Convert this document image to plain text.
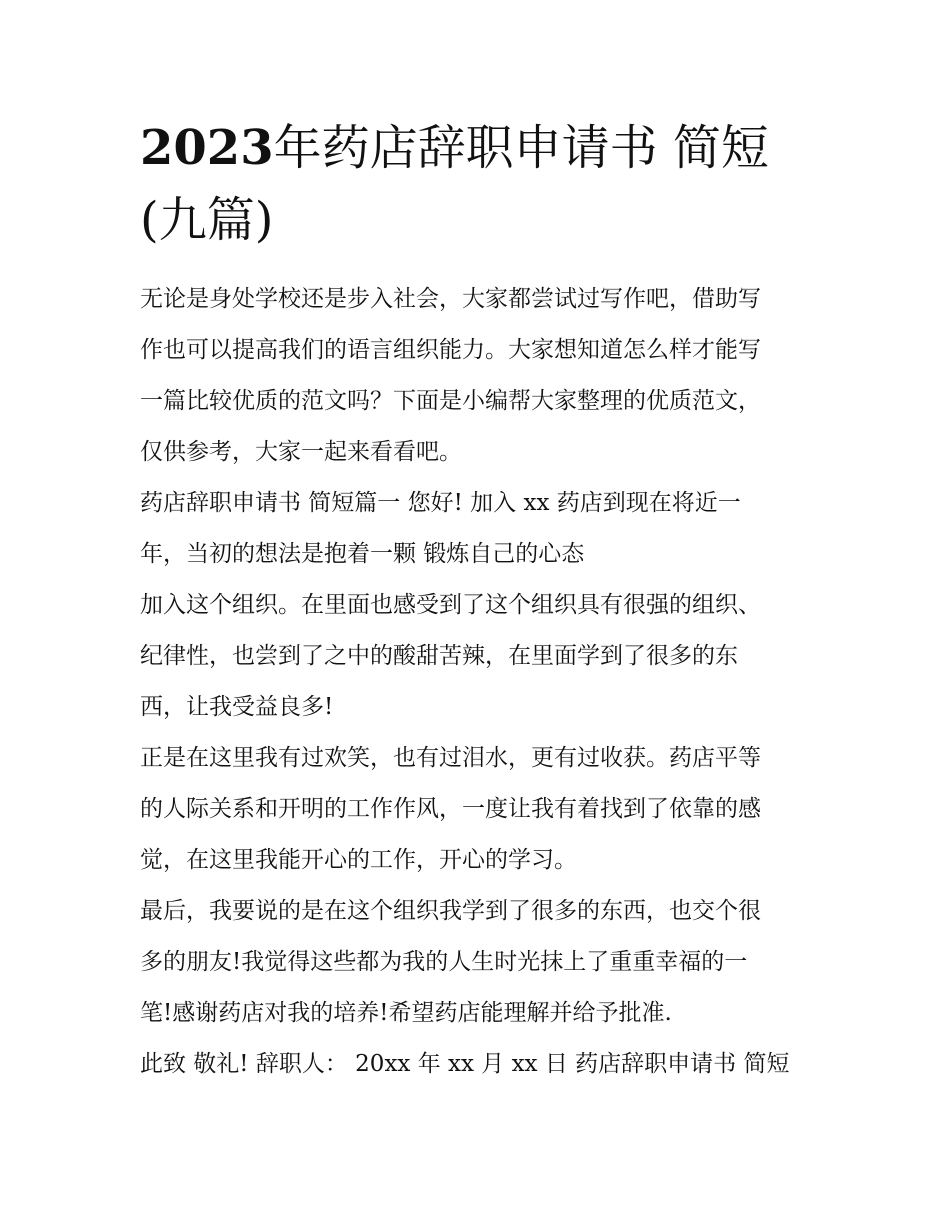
2023年药店辞职申请书 简短
(九篇)

无论是身处学校还是步入社会，大家都尝试过写作吧，借助写
作也可以提高我们的语言组织能力。大家想知道怎么样才能写
一篇比较优质的范文吗？下面是小编帮大家整理的优质范文，
仅供参考，大家一起来看看吧。

药店辞职申请书 简短篇一 您好! 加入 xx 药店到现在将近一
年，当初的想法是抱着一颗 锻炼自己的心态

加入这个组织。在里面也感受到了这个组织具有很强的组织、
纪律性，也尝到了之中的酸甜苦辣，在里面学到了很多的东
西，让我受益良多!

正是在这里我有过欢笑，也有过泪水，更有过收获。药店平等
的人际关系和开明的工作作风，一度让我有着找到了依靠的感
觉，在这里我能开心的工作，开心的学习。

最后，我要说的是在这个组织我学到了很多的东西，也交个很
多的朋友!我觉得这些都为我的人生时光抹上了重重幸福的一
笔!感谢药店对我的培养!希望药店能理解并给予批准.

此致 敬礼! 辞职人： 20xx 年 xx 月 xx 日 药店辞职申请书 简短
